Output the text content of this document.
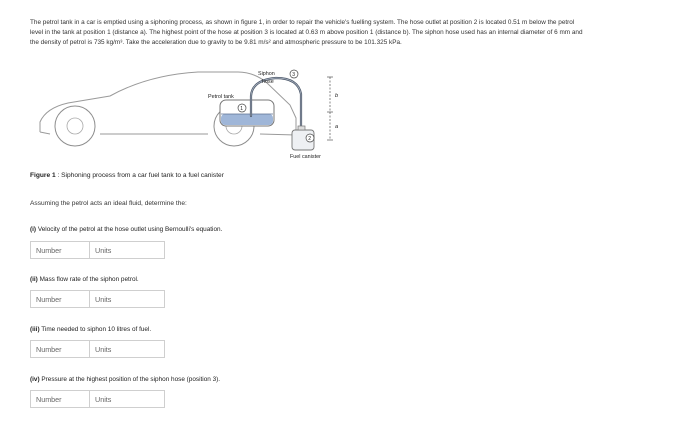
The petrol tank in a car is emptied using a siphoning process, as shown in figure 1, in order to repair the vehicle's fuelling system. The hose outlet at position 2 is located 0.51 m below the petrol
level in the tank at position 1 (distance a). The highest point of the hose at position 3 is located at 0.63 m above position 1 (distance b). The siphon hose used has an internal diameter of 6 mm and
the density of petrol is 735 kg/m³. Take the acceleration due to gravity to be 9.81 m/s² and atmospheric pressure to be 101.325 kPa.
Petrol tank
1
Siphon
hose
3
2
Fuel canister
b
a
Figure 1 : Siphoning process from a car fuel tank to a fuel canister
Assuming the petrol acts an ideal fluid, determine the:
(i) Velocity of the petrol at the hose outlet using Bernoulli's equation.
Number
Units
(ii) Mass flow rate of the siphon petrol.
Number
Units
(iii) Time needed to siphon 10 litres of fuel.
Number
Units
(iv) Pressure at the highest position of the siphon hose (position 3).
Number
Units
